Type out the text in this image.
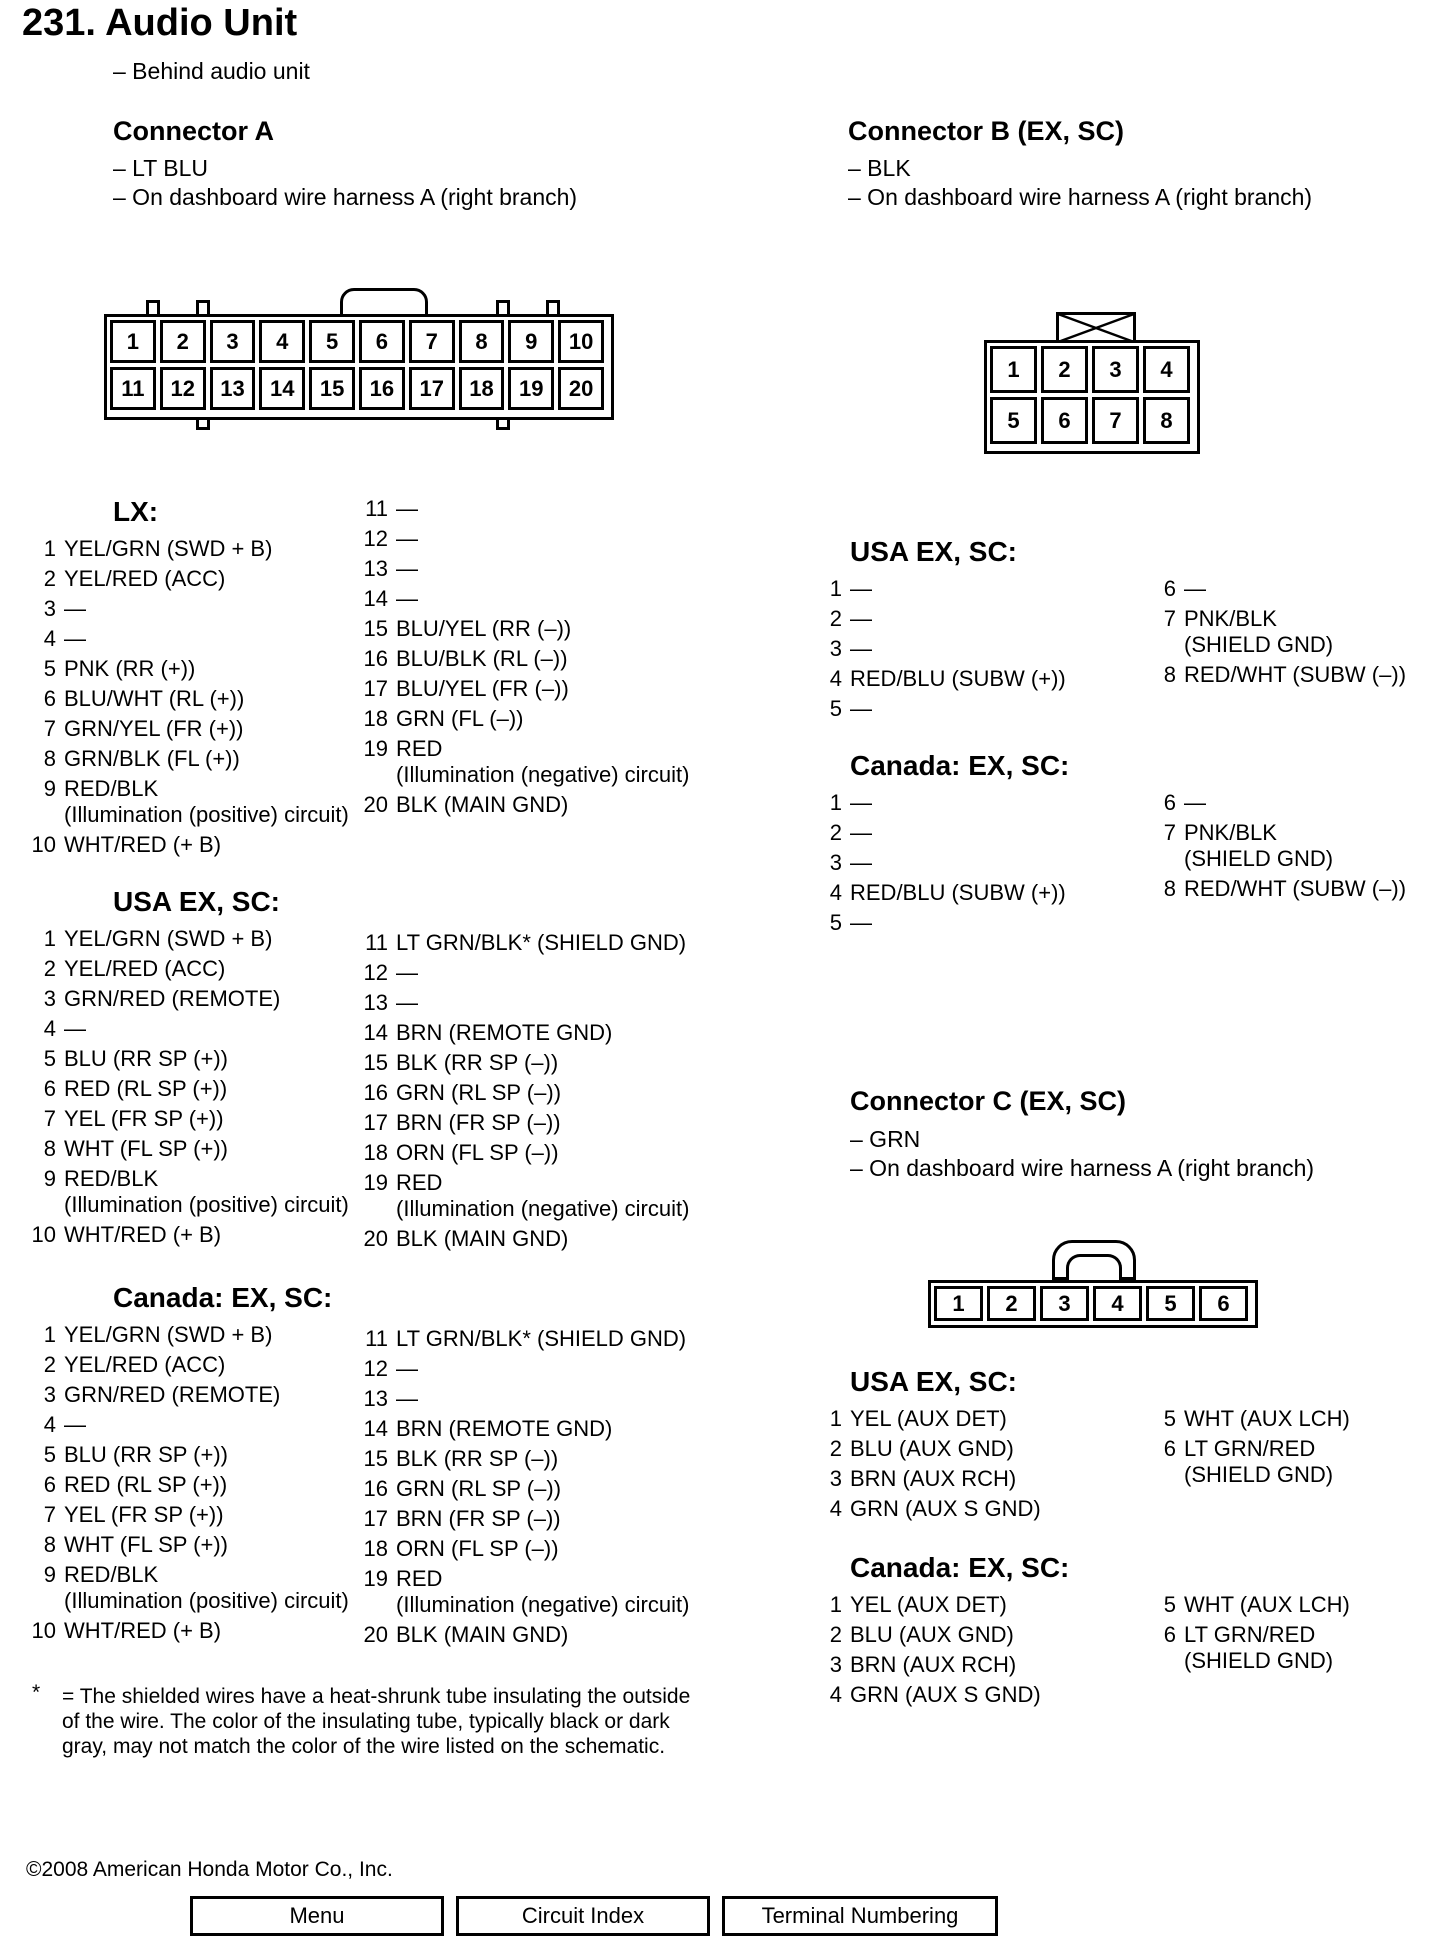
231. Audio Unit
– Behind audio unit
Connector A
– LT BLU
– On dashboard wire harness A (right branch)
1	2	3	4	5	6	7	8	9	10
11	12	13	14	15	16	17	18	19	20
LX:
1 YEL/GRN (SWD + B)
2 YEL/RED (ACC)
3 —
4 —
5 PNK (RR (+))
6 BLU/WHT (RL (+))
7 GRN/YEL (FR (+))
8 GRN/BLK (FL (+))
9 RED/BLK
(Illumination (positive) circuit)
10 WHT/RED (+ B)
11 —
12 —
13 —
14 —
15 BLU/YEL (RR (–))
16 BLU/BLK (RL (–))
17 BLU/YEL (FR (–))
18 GRN (FL (–))
19 RED
(Illumination (negative) circuit)
20 BLK (MAIN GND)
USA EX, SC:
1 YEL/GRN (SWD + B)
2 YEL/RED (ACC)
3 GRN/RED (REMOTE)
4 —
5 BLU (RR SP (+))
6 RED (RL SP (+))
7 YEL (FR SP (+))
8 WHT (FL SP (+))
9 RED/BLK
(Illumination (positive) circuit)
10 WHT/RED (+ B)
11 LT GRN/BLK* (SHIELD GND)
12 —
13 —
14 BRN (REMOTE GND)
15 BLK (RR SP (–))
16 GRN (RL SP (–))
17 BRN (FR SP (–))
18 ORN (FL SP (–))
19 RED
(Illumination (negative) circuit)
20 BLK (MAIN GND)
Canada: EX, SC:
1 YEL/GRN (SWD + B)
2 YEL/RED (ACC)
3 GRN/RED (REMOTE)
4 —
5 BLU (RR SP (+))
6 RED (RL SP (+))
7 YEL (FR SP (+))
8 WHT (FL SP (+))
9 RED/BLK
(Illumination (positive) circuit)
10 WHT/RED (+ B)
11 LT GRN/BLK* (SHIELD GND)
12 —
13 —
14 BRN (REMOTE GND)
15 BLK (RR SP (–))
16 GRN (RL SP (–))
17 BRN (FR SP (–))
18 ORN (FL SP (–))
19 RED
(Illumination (negative) circuit)
20 BLK (MAIN GND)
* = The shielded wires have a heat-shrunk tube insulating the outside of the wire. The color of the insulating tube, typically black or dark gray, may not match the color of the wire listed on the schematic.
Connector B (EX, SC)
– BLK
– On dashboard wire harness A (right branch)
1	2	3	4
5	6	7	8
USA EX, SC:
1 —
2 —
3 —
4 RED/BLU (SUBW (+))
5 —
6 —
7 PNK/BLK
(SHIELD GND)
8 RED/WHT (SUBW (–))
Canada: EX, SC:
1 —
2 —
3 —
4 RED/BLU (SUBW (+))
5 —
6 —
7 PNK/BLK
(SHIELD GND)
8 RED/WHT (SUBW (–))
Connector C (EX, SC)
– GRN
– On dashboard wire harness A (right branch)
1	2	3	4	5	6
USA EX, SC:
1 YEL (AUX DET)
2 BLU (AUX GND)
3 BRN (AUX RCH)
4 GRN (AUX S GND)
5 WHT (AUX LCH)
6 LT GRN/RED
(SHIELD GND)
Canada: EX, SC:
1 YEL (AUX DET)
2 BLU (AUX GND)
3 BRN (AUX RCH)
4 GRN (AUX S GND)
5 WHT (AUX LCH)
6 LT GRN/RED
(SHIELD GND)
©2008 American Honda Motor Co., Inc.
Menu	Circuit Index	Terminal Numbering
